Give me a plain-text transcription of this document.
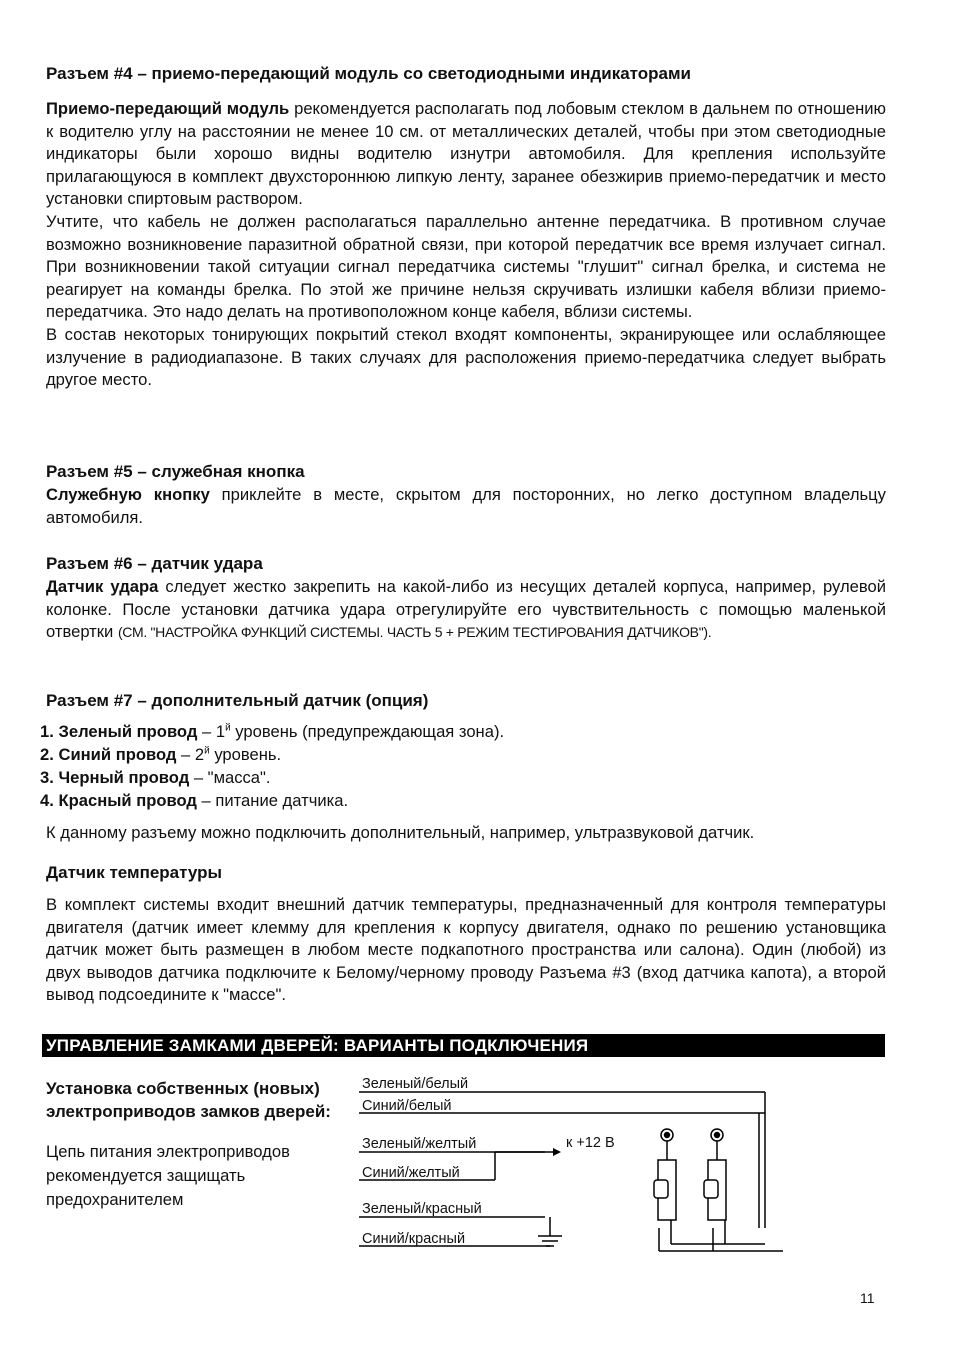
Разъем #4 – приемо-передающий модуль со светодиодными индикаторами

Приемо-передающий модуль рекомендуется располагать под лобовым стеклом в дальнем по отношению к водителю углу на расстоянии не менее 10 см. от металлических деталей, чтобы при этом светодиодные индикаторы были хорошо видны водителю изнутри автомобиля. Для крепления используйте прилагающуюся в комплект двухстороннюю липкую ленту, заранее обезжирив приемо-передатчик и место установки спиртовым раствором.

Учтите, что кабель не должен располагаться параллельно антенне передатчика. В противном случае возможно возникновение паразитной обратной связи, при которой передатчик все время излучает сигнал. При возникновении такой ситуации сигнал передатчика системы "глушит" сигнал брелка, и система не реагирует на команды брелка. По этой же причине нельзя скручивать излишки кабеля вблизи приемо-передатчика. Это надо делать на противоположном конце кабеля, вблизи системы.

В состав некоторых тонирующих покрытий стекол входят компоненты, экранирующее или ослабляющее излучение в радиодиапазоне. В таких случаях для расположения приемо-передатчика следует выбрать другое место.

Разъем #5 – служебная кнопка

Служебную кнопку приклейте в месте, скрытом для посторонних, но легко доступном владельцу автомобиля.

Разъем #6 – датчик удара

Датчик удара следует жестко закрепить на какой-либо из несущих деталей корпуса, например, рулевой колонке. После установки датчика удара отрегулируйте его чувствительность с помощью маленькой отвертки (СМ. "НАСТРОЙКА ФУНКЦИЙ СИСТЕМЫ. ЧАСТЬ 5 + РЕЖИМ ТЕСТИРОВАНИЯ ДАТЧИКОВ").

Разъем #7 – дополнительный датчик (опция)

1. Зеленый провод – $1^й$ уровень (предупреждающая зона).
2. Синий провод – $2^й$ уровень.
3. Черный провод – "масса".
4. Красный провод – питание датчика.

К данному разъему можно подключить дополнительный, например, ультразвуковой датчик.

Датчик температуры

В комплект системы входит внешний датчик температуры, предназначенный для контроля температуры двигателя (датчик имеет клемму для крепления к корпусу двигателя, однако по решению установщика датчик может быть размещен в любом месте подкапотного пространства или салона). Один (любой) из двух выводов датчика подключите к Белому/черному проводу Разъема #3 (вход датчика капота), а второй вывод подсоедините к "массе".

УПРАВЛЕНИЕ ЗАМКАМИ ДВЕРЕЙ: ВАРИАНТЫ ПОДКЛЮЧЕНИЯ

Установка собственных (новых) электроприводов замков дверей:

Цепь питания электроприводов рекомендуется защищать предохранителем

Зеленый/белый
Синий/белый
Зеленый/желтый
Синий/желтый
Зеленый/красный
Синий/красный
к +12 В
11
